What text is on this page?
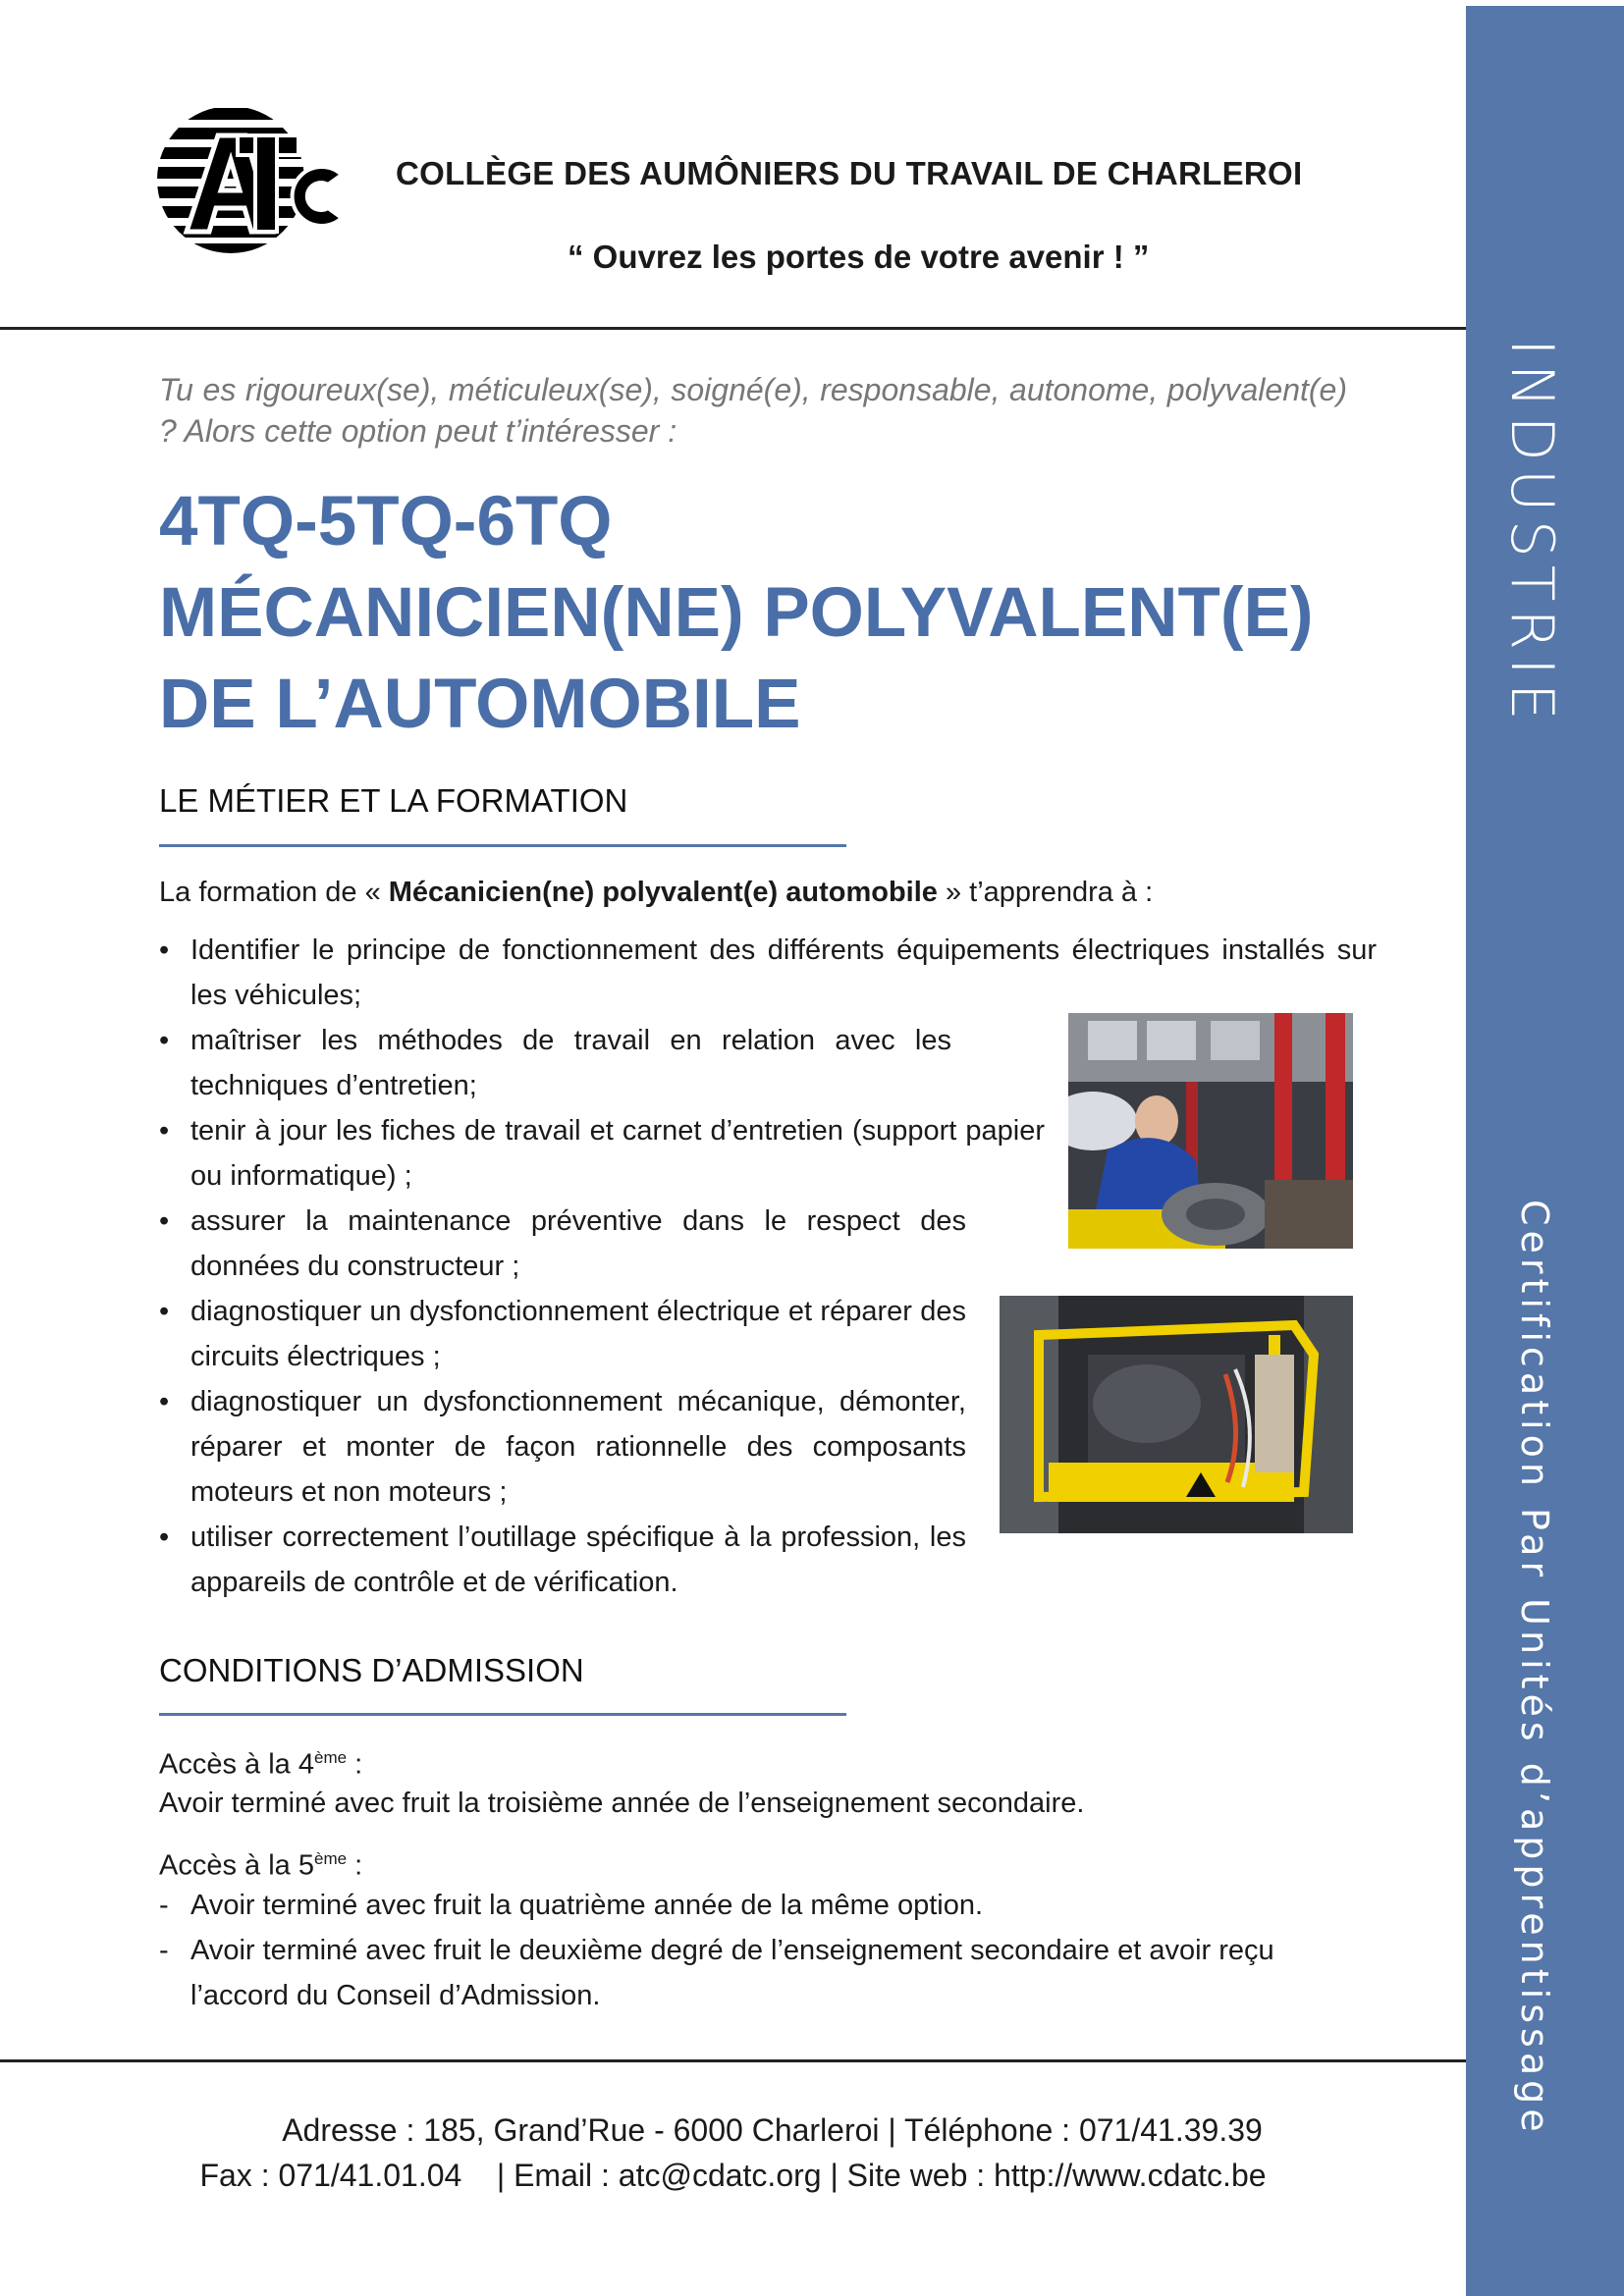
INDUSTRIE
Certification Par Unités d’apprentissage
COLLÈGE DES AUMÔNIERS DU TRAVAIL DE CHARLEROI
“ Ouvrez les portes de votre avenir ! ”
Tu es rigoureux(se), méticuleux(se), soigné(e), responsable, autonome, polyvalent(e) ? Alors cette option peut t’intéresser :
4TQ-5TQ-6TQ
MÉCANICIEN(NE) POLYVALENT(E)
DE L’AUTOMOBILE
LE MÉTIER ET LA FORMATION
La formation de « Mécanicien(ne) polyvalent(e) automobile » t’apprendra à :
• Identifier le principe de fonctionnement des différents équipements électriques installés sur les véhicules;
• maîtriser les méthodes de travail en relation avec les techniques d’entretien;
• tenir à jour les fiches de travail et carnet d’entretien (support papier ou informatique) ;
• assurer la maintenance préventive dans le respect des données du constructeur ;
• diagnostiquer un dysfonctionnement électrique et réparer des circuits électriques ;
• diagnostiquer un dysfonctionnement mécanique, démonter, réparer et monter de façon rationnelle des composants moteurs et non moteurs ;
• utiliser correctement l’outillage spécifique à la profession, les appareils de contrôle et de vérification.
CONDITIONS D’ADMISSION
Accès à la 4ème :
Avoir terminé avec fruit la troisième année de l’enseignement secondaire.
Accès à la 5ème :
- Avoir terminé avec fruit la quatrième année de la même option.
- Avoir terminé avec fruit le deuxième degré de l’enseignement secondaire et avoir reçu l’accord du Conseil d’Admission.
Adresse : 185, Grand’Rue - 6000 Charleroi | Téléphone : 071/41.39.39
Fax : 071/41.01.04    | Email : atc@cdatc.org | Site web : http://www.cdatc.be
